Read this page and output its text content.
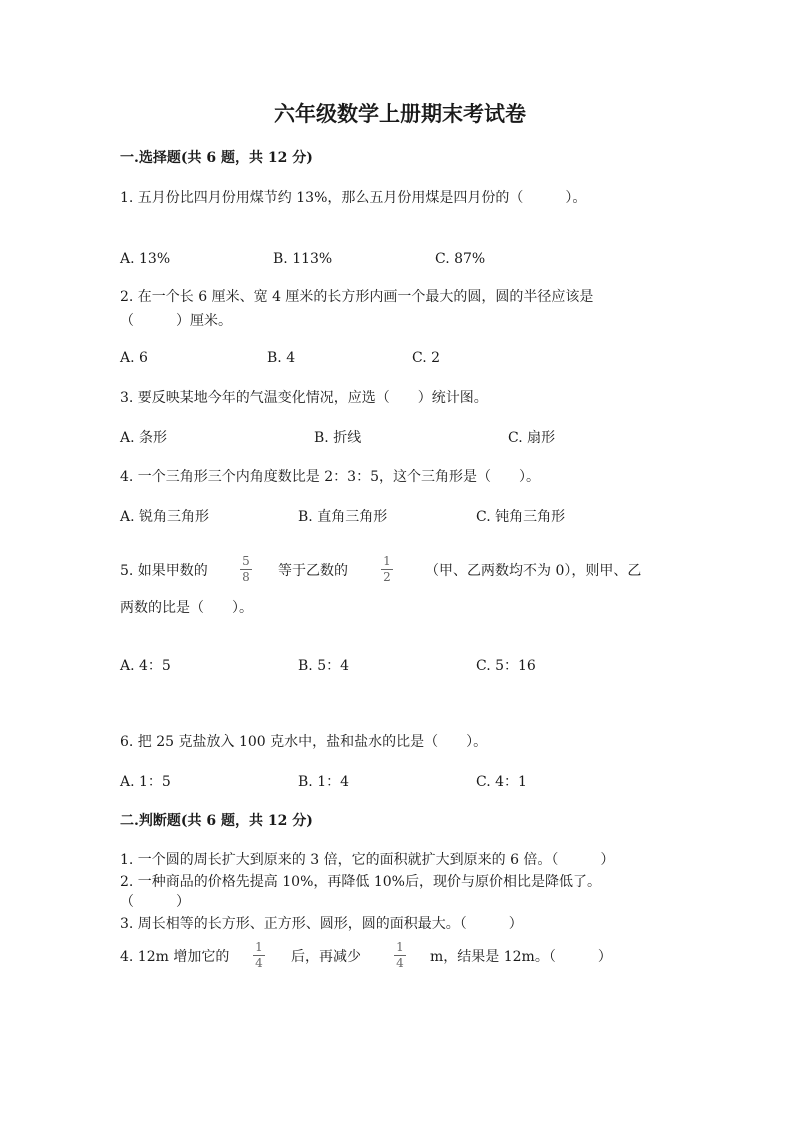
六年级数学上册期末考试卷
一.选择题(共 6 题，共 12 分)
1. 五月份比四月份用煤节约 13%，那么五月份用煤是四月份的（　　　）。
A. 13%	B. 113%	C. 87%
2. 在一个长 6 厘米、宽 4 厘米的长方形内画一个最大的圆，圆的半径应该是
（　　　）厘米。
A. 6	B. 4	C. 2
3. 要反映某地今年的气温变化情况，应选（　　）统计图。
A. 条形	B. 折线	C. 扇形
4. 一个三角形三个内角度数比是 2：3：5，这个三角形是（　　）。
A. 锐角三角形	B. 直角三角形	C. 钝角三角形
5. 如果甲数的
5
8 等于乙数的
1
2 （甲、乙两数均不为 0），则甲、乙
两数的比是（　　）。
A. 4：5	B. 5：4	C. 5：16
6. 把 25 克盐放入 100 克水中，盐和盐水的比是（　　）。
A. 1：5	B. 1：4	C. 4：1
二.判断题(共 6 题，共 12 分)
1. 一个圆的周长扩大到原来的 3 倍，它的面积就扩大到原来的 6 倍。（　　　）
2. 一种商品的价格先提高 10%，再降低 10%后，现价与原价相比是降低了。
（　　　）
3. 周长相等的长方形、正方形、圆形，圆的面积最大。（　　　）
4. 12m 增加它的
1
4 后，再减少
1
4 m，结果是 12m。（　　　）
